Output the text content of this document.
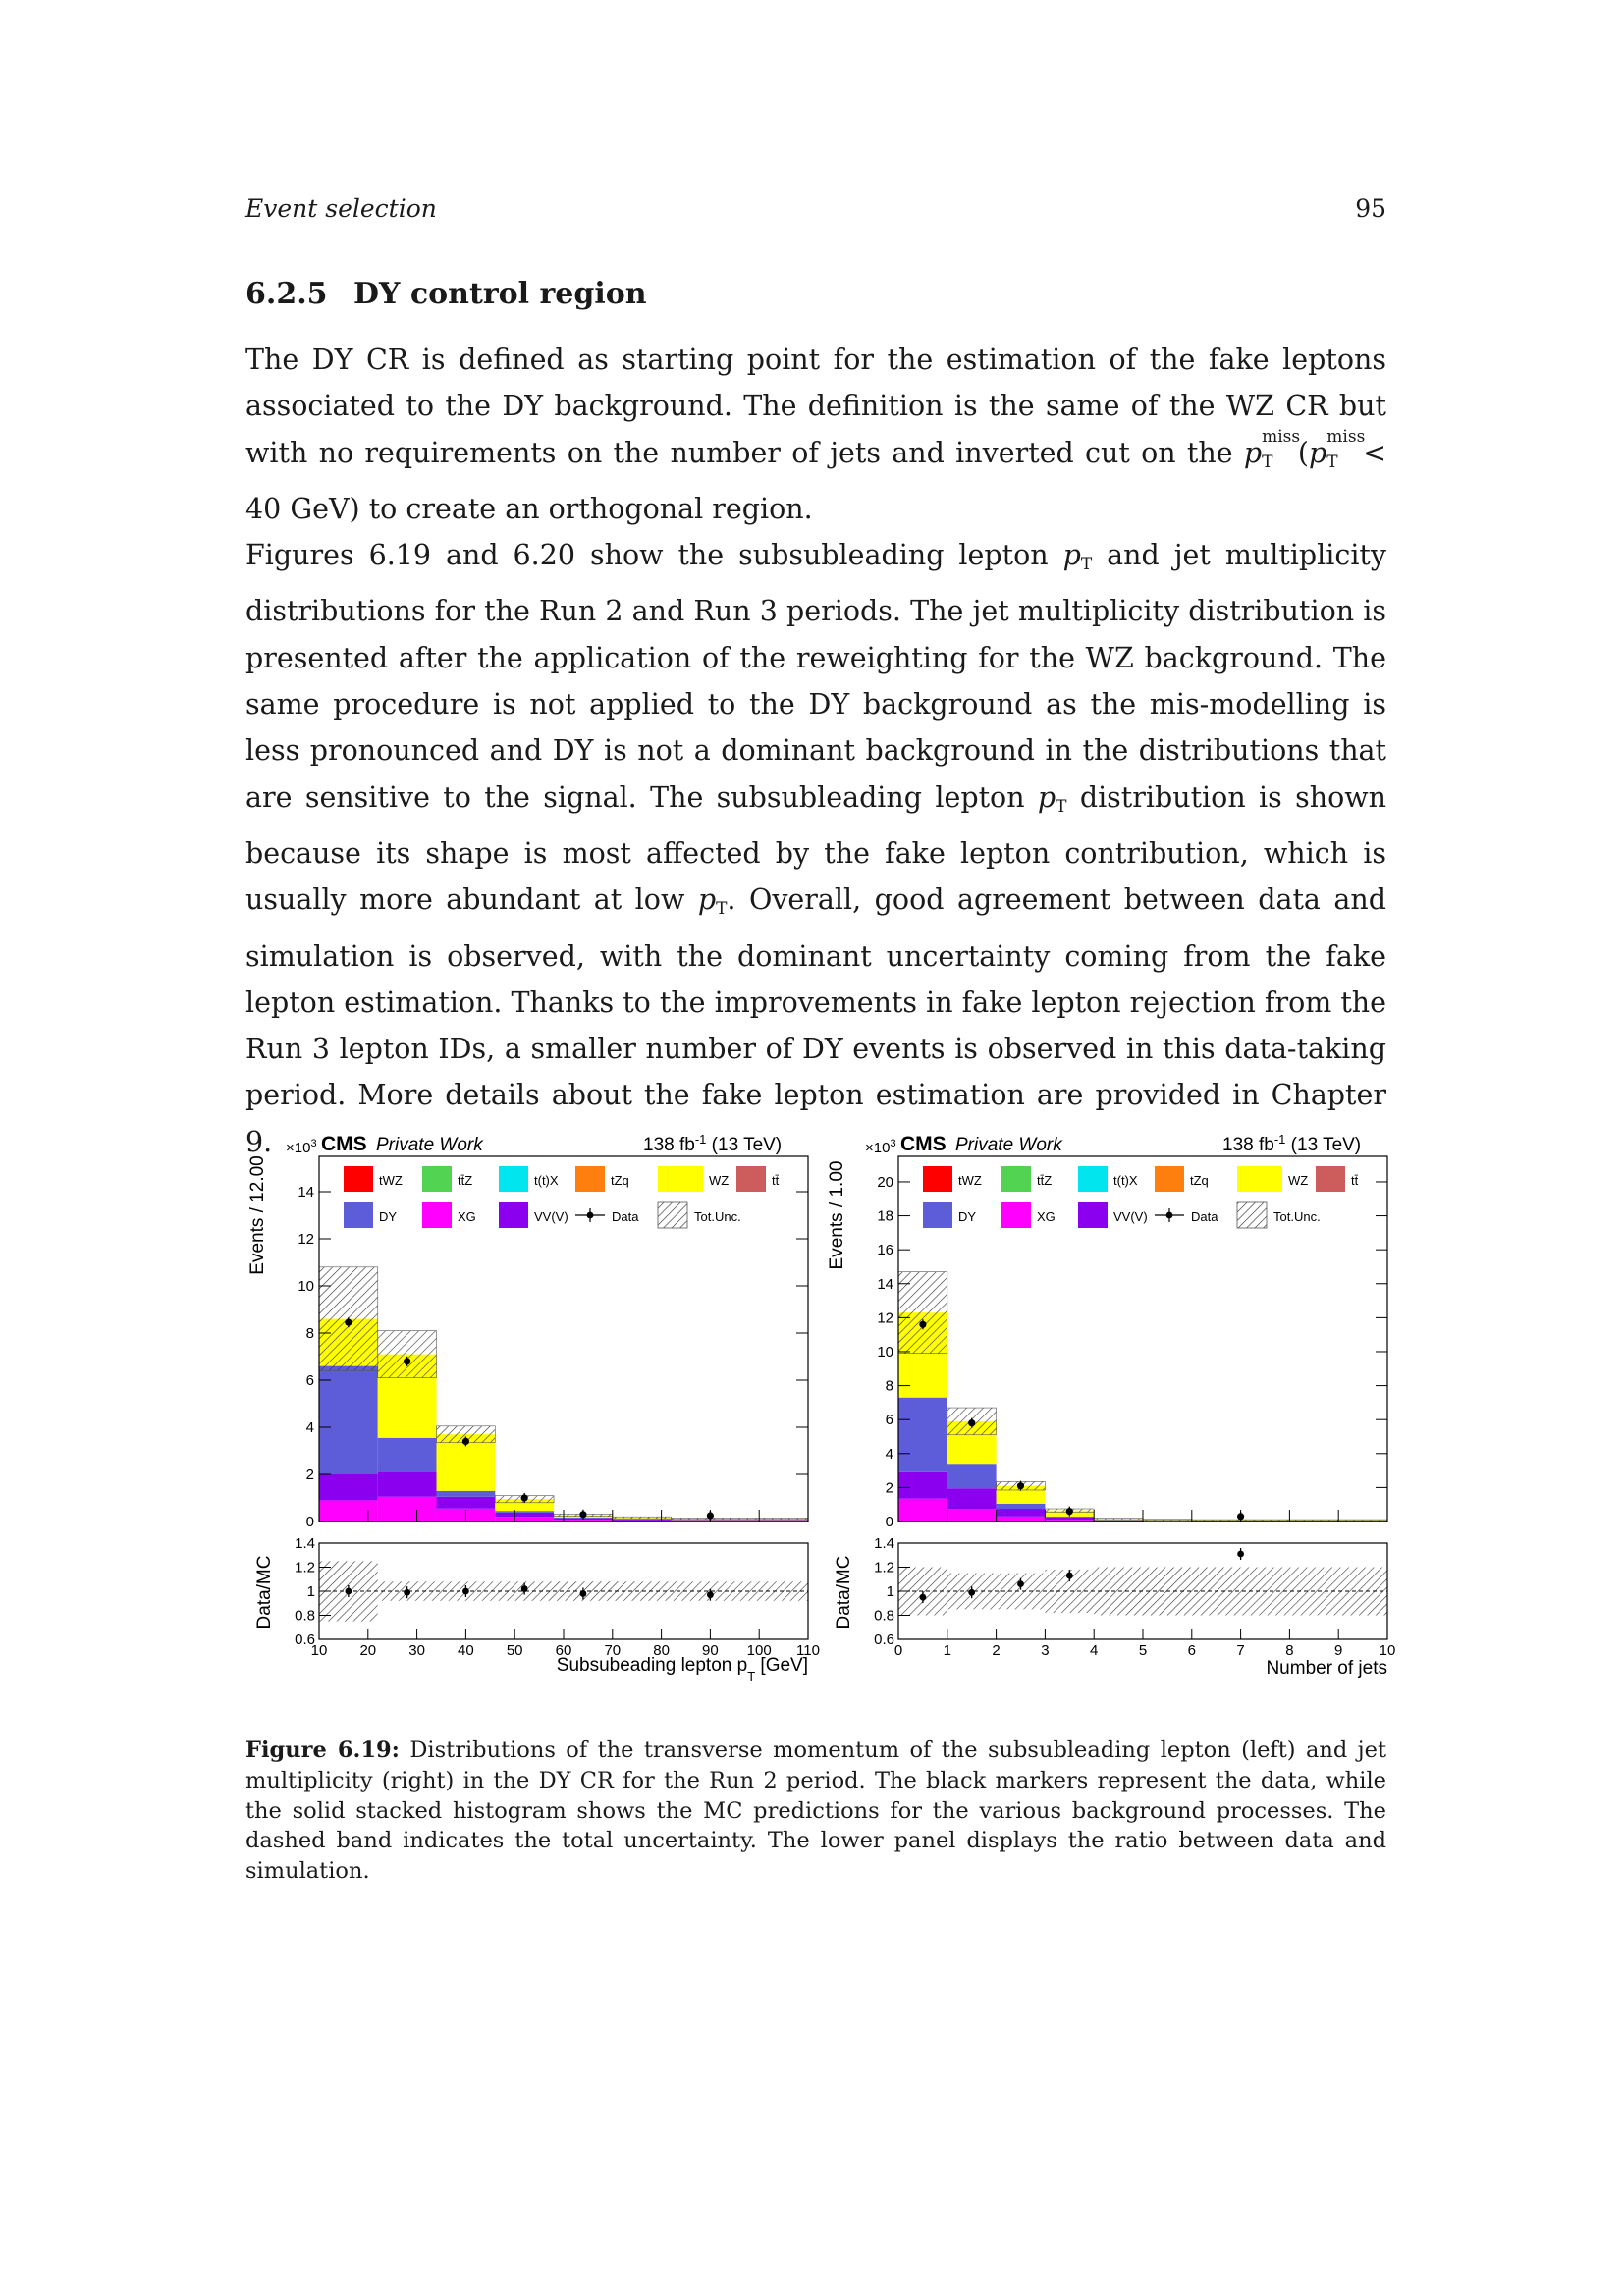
Event selection	95
6.2.5 DY control region

The DY CR is defined as starting point for the estimation of the fake leptons associated to the DY background. The definition is the same of the WZ CR but with no requirements on the number of jets and inverted cut on the p miss
$_T$ (p miss
$_T$ < 40 GeV) to create an orthogonal region.

Figures 6.19 and 6.20 show the subsubleading lepton $p_T$ and jet multiplicity distributions for the Run 2 and Run 3 periods. The jet multiplicity distribution is presented after the application of the reweighting for the WZ background. The same procedure is not applied to the DY background as the mis-modelling is less pronounced and DY is not a dominant background in the distributions that are sensitive to the signal. The subsubleading lepton $p_T$ distribution is shown because its shape is most affected by the fake lepton contribution, which is usually more abundant at low $p_T$. Overall, good agreement between data and simulation is observed, with the dominant uncertainty coming from the fake lepton estimation. Thanks to the improvements in fake lepton rejection from the Run 3 lepton IDs, a smaller number of DY events is observed in this data-taking period. More details about the fake lepton estimation are provided in Chapter 9.

0
2
4
6
8
10
12
14
$\times 10^3$ CMS Private Work	138 $fb^{-1}$ (13 TeV)
Events / 12.00	tWZ	tt̄Z	t(t)X	tZq	WZ	tt̄
DY	XG	VV(V)	Data	Tot.Unc.
0.6
0.8
1
1.2
1.4
10 20 30 40 50 60 70 80 90 100 110
Data/MC
Subsubeading lepton $p_T$ [GeV]
0
2
4
6
8
10
12
14
16
18
20
$\times 10^3$ CMS Private Work	138 $fb^{-1}$ (13 TeV)
Events / 1.00	tWZ	tt̄Z	t(t)X	tZq	WZ	tt̄
DY	XG	VV(V)	Data	Tot.Unc.
0.6
0.8
1
1.2
1.4
0	1	2	3	4	5	6	7	8	9 10
Data/MC
Number of jets
Figure 6.19: Distributions of the transverse momentum of the subsubleading lepton (left) and jet multiplicity (right) in the DY CR for the Run 2 period. The black markers represent the data, while the solid stacked histogram shows the MC predictions for the various background processes. The dashed band indicates the total uncertainty. The lower panel displays the ratio between data and simulation.
